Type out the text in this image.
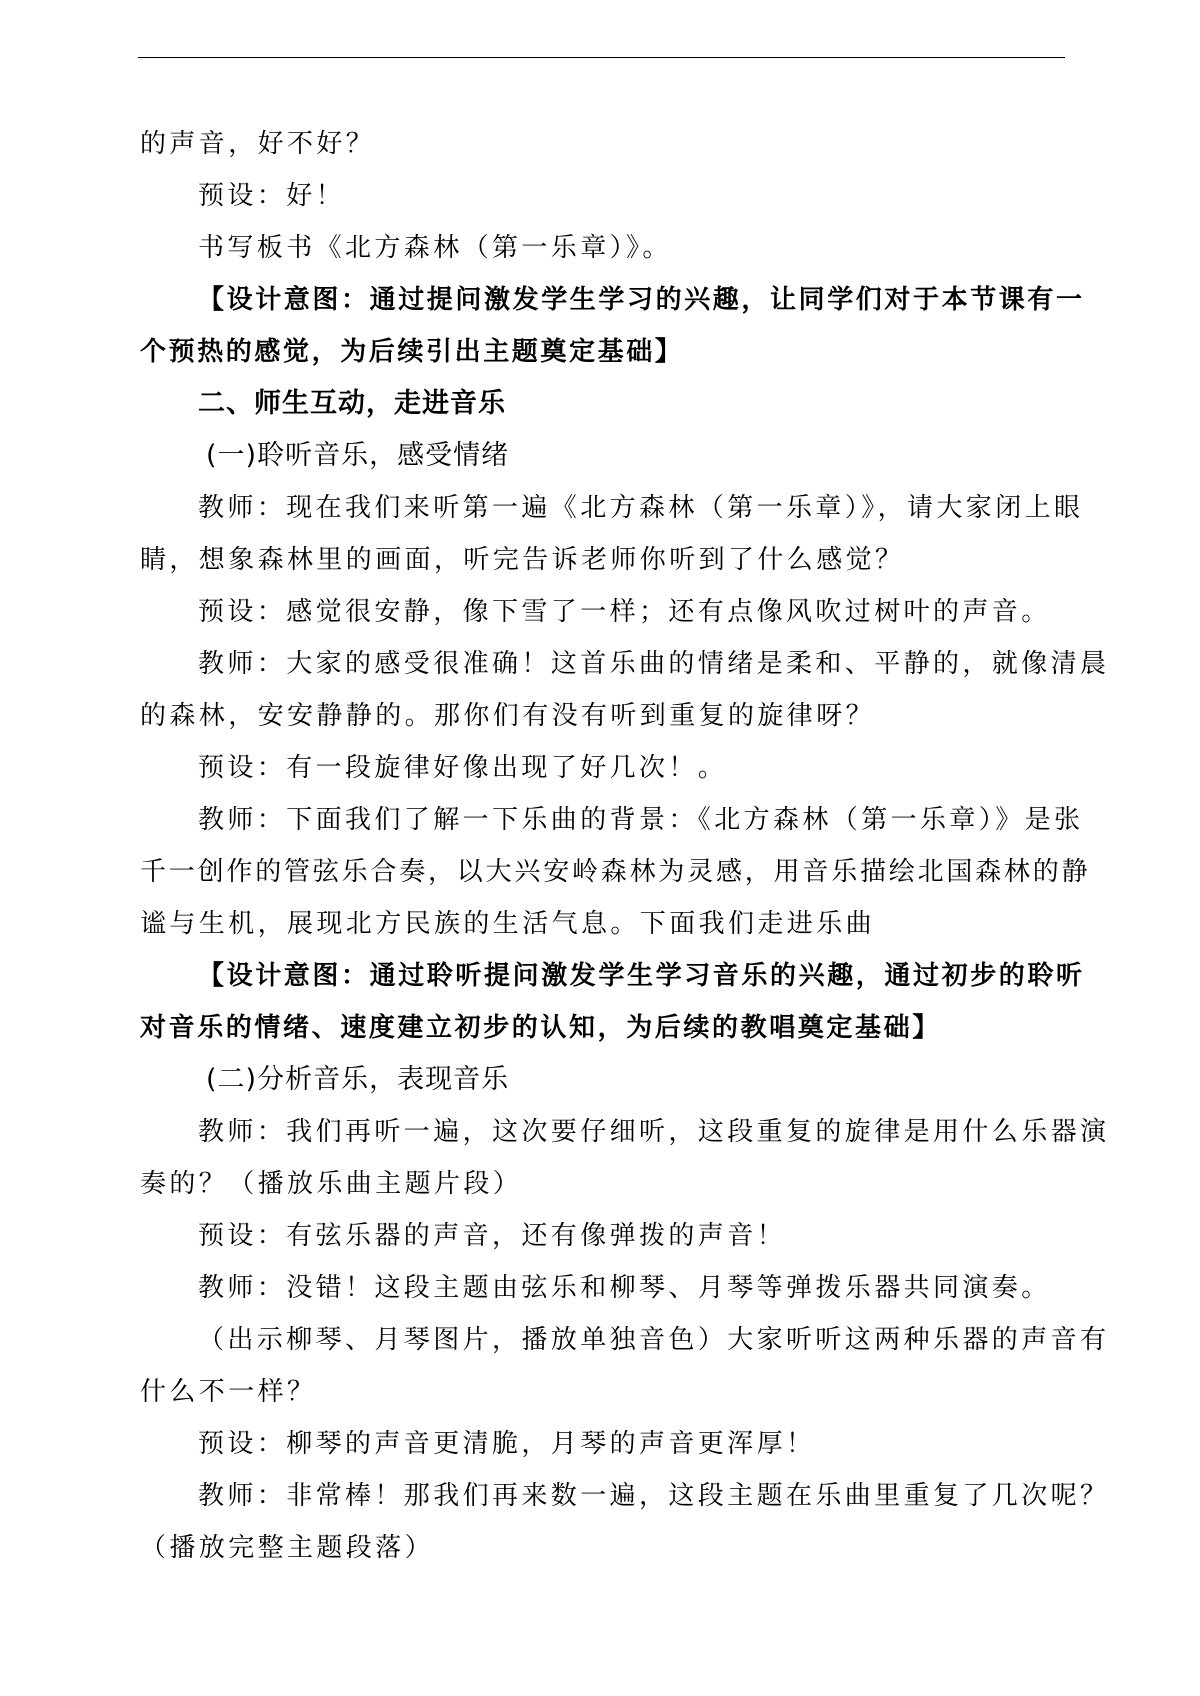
的声音，好不好？
预设：好！
书写板书《北方森林（第一乐章）》。
【设计意图：通过提问激发学生学习的兴趣，让同学们对于本节课有一
个预热的感觉，为后续引出主题奠定基础】
二、师生互动，走进音乐
(一)聆听音乐，感受情绪
教师：现在我们来听第一遍《北方森林（第一乐章）》，请大家闭上眼
睛，想象森林里的画面，听完告诉老师你听到了什么感觉？
预设：感觉很安静，像下雪了一样；还有点像风吹过树叶的声音。
教师：大家的感受很准确！这首乐曲的情绪是柔和、平静的，就像清晨
的森林，安安静静的。那你们有没有听到重复的旋律呀？
预设：有一段旋律好像出现了好几次！。
教师：下面我们了解一下乐曲的背景：《北方森林（第一乐章）》是张
千一创作的管弦乐合奏，以大兴安岭森林为灵感，用音乐描绘北国森林的静
谧与生机，展现北方民族的生活气息。下面我们走进乐曲
【设计意图：通过聆听提问激发学生学习音乐的兴趣，通过初步的聆听
对音乐的情绪、速度建立初步的认知，为后续的教唱奠定基础】
(二)分析音乐，表现音乐
教师：我们再听一遍，这次要仔细听，这段重复的旋律是用什么乐器演
奏的？（播放乐曲主题片段）
预设：有弦乐器的声音，还有像弹拨的声音！
教师：没错！这段主题由弦乐和柳琴、月琴等弹拨乐器共同演奏。
（出示柳琴、月琴图片，播放单独音色）大家听听这两种乐器的声音有
什么不一样？
预设：柳琴的声音更清脆，月琴的声音更浑厚！
教师：非常棒！那我们再来数一遍，这段主题在乐曲里重复了几次呢？
（播放完整主题段落）
